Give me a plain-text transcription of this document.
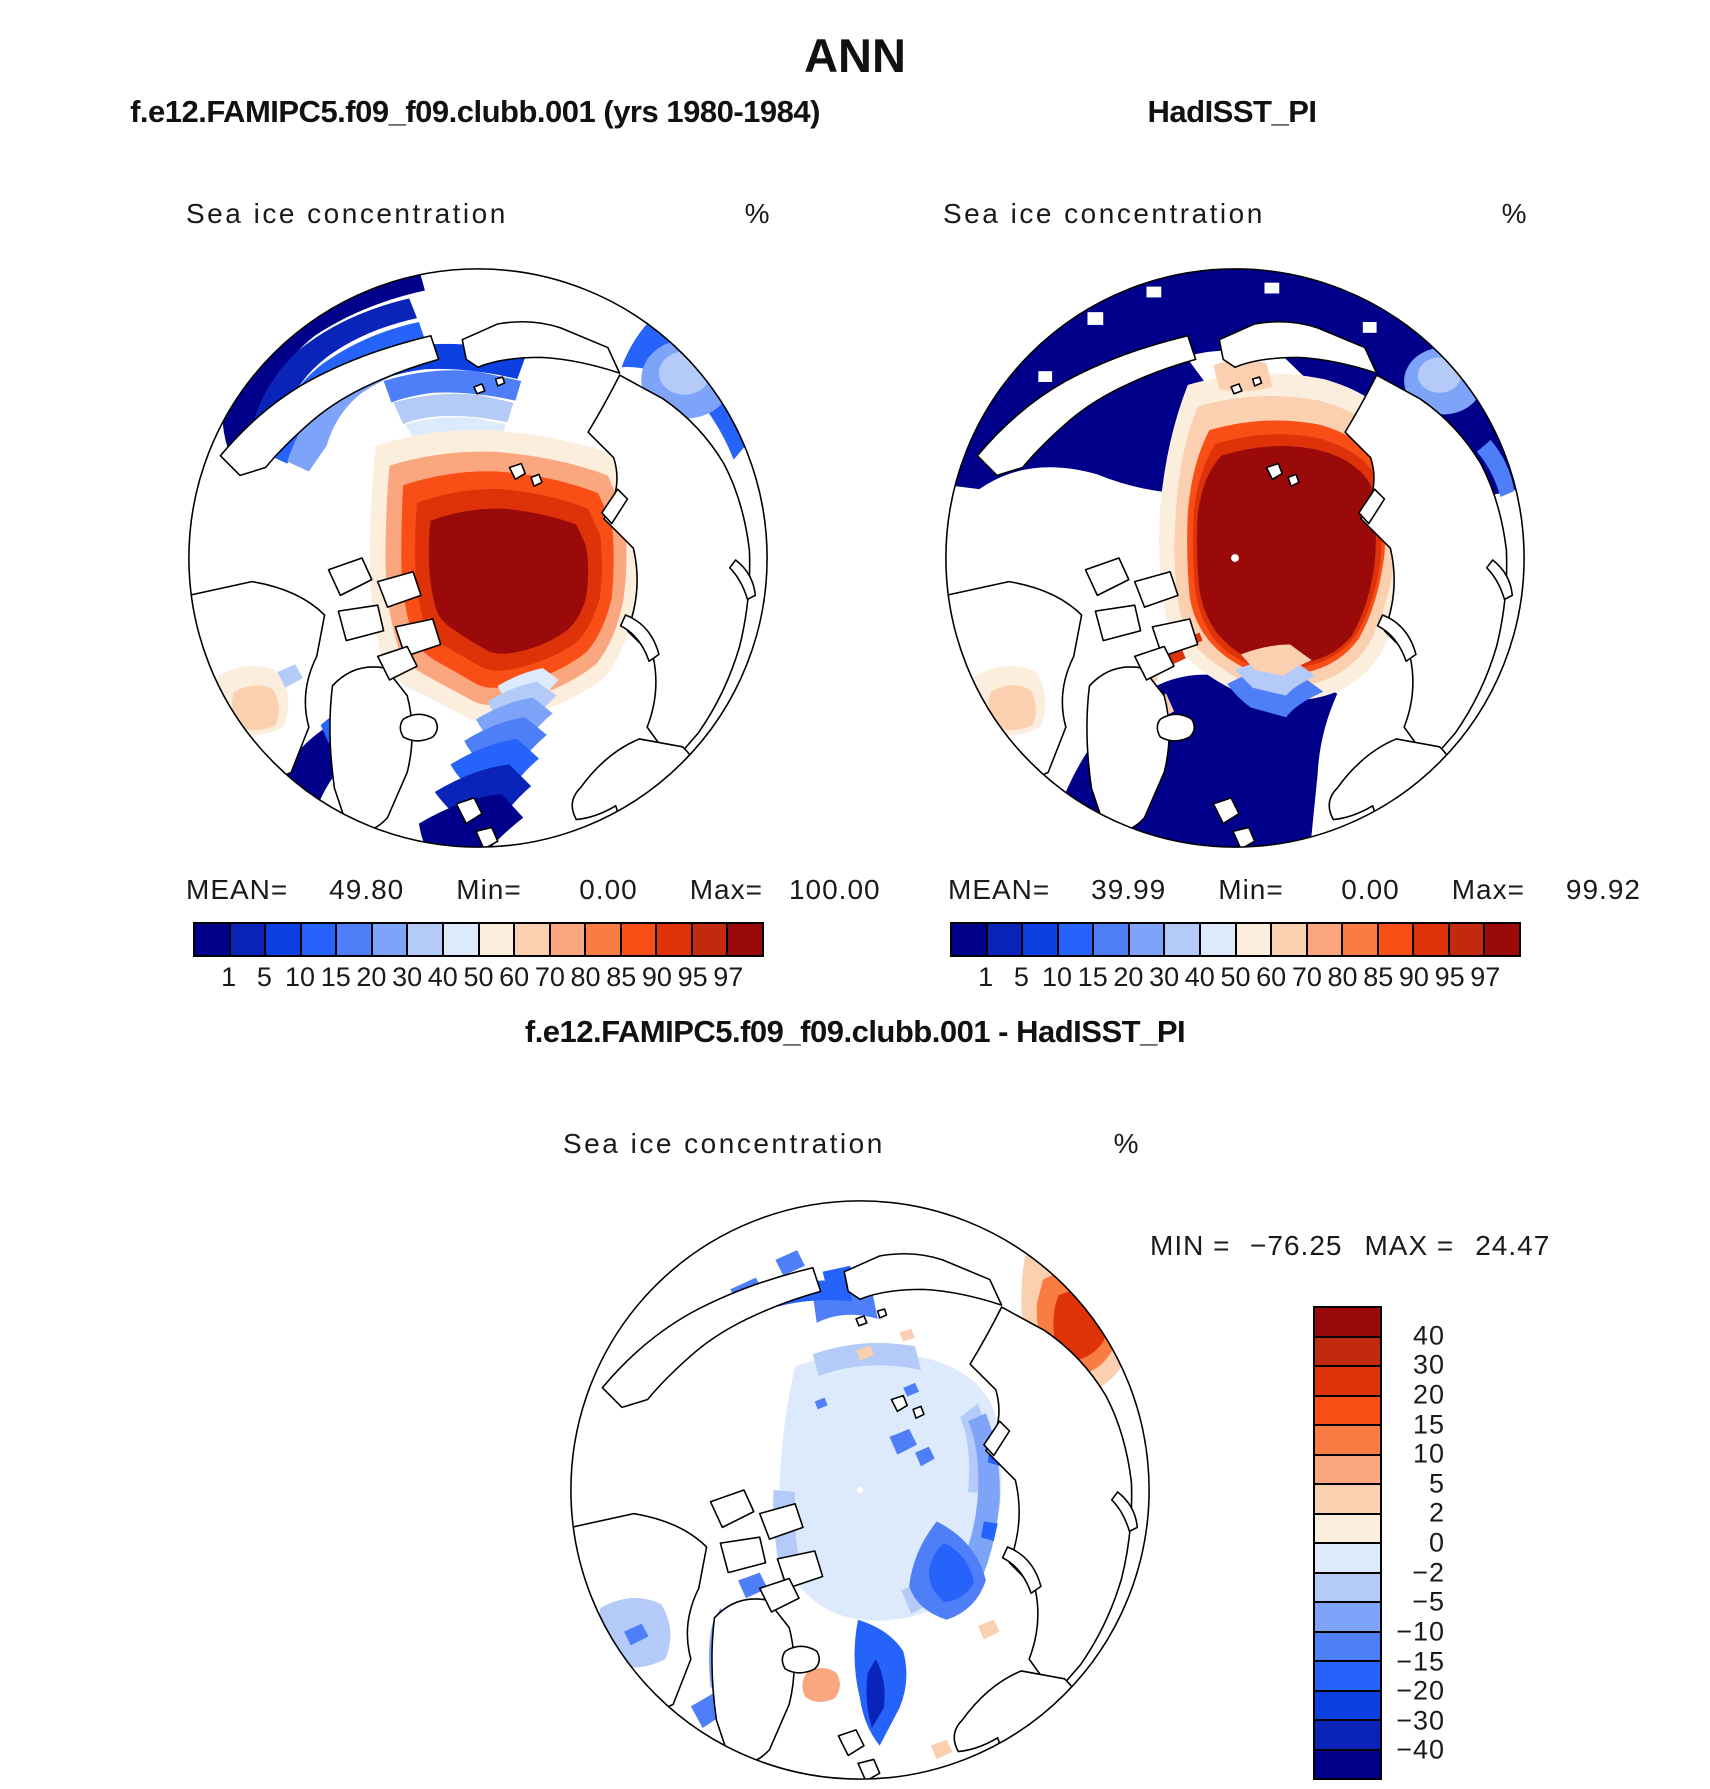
ANN
f.e12.FAMIPC5.f09_f09.clubb.001 (yrs 1980-1984)	HadISST_PI
Sea ice concentration	%
MEAN=	49.80 Min=	0.00 Max= 100.00
1 5 10 15 20 30 40 50 60 70 80 85 90 95 97
Sea ice concentration	%
MEAN=	39.99 Min=	0.00 Max=	99.92
1 5 10 15 20 30 40 50 60 70 80 85 90 95 97
f.e12.FAMIPC5.f09_f09.clubb.001 - HadISST_PI
Sea ice concentration	%
MIN = −76.25 MAX = 24.47
40
30
20
15
10
5
2
0
−2
−5
−10
−15
−20
−30
−40
